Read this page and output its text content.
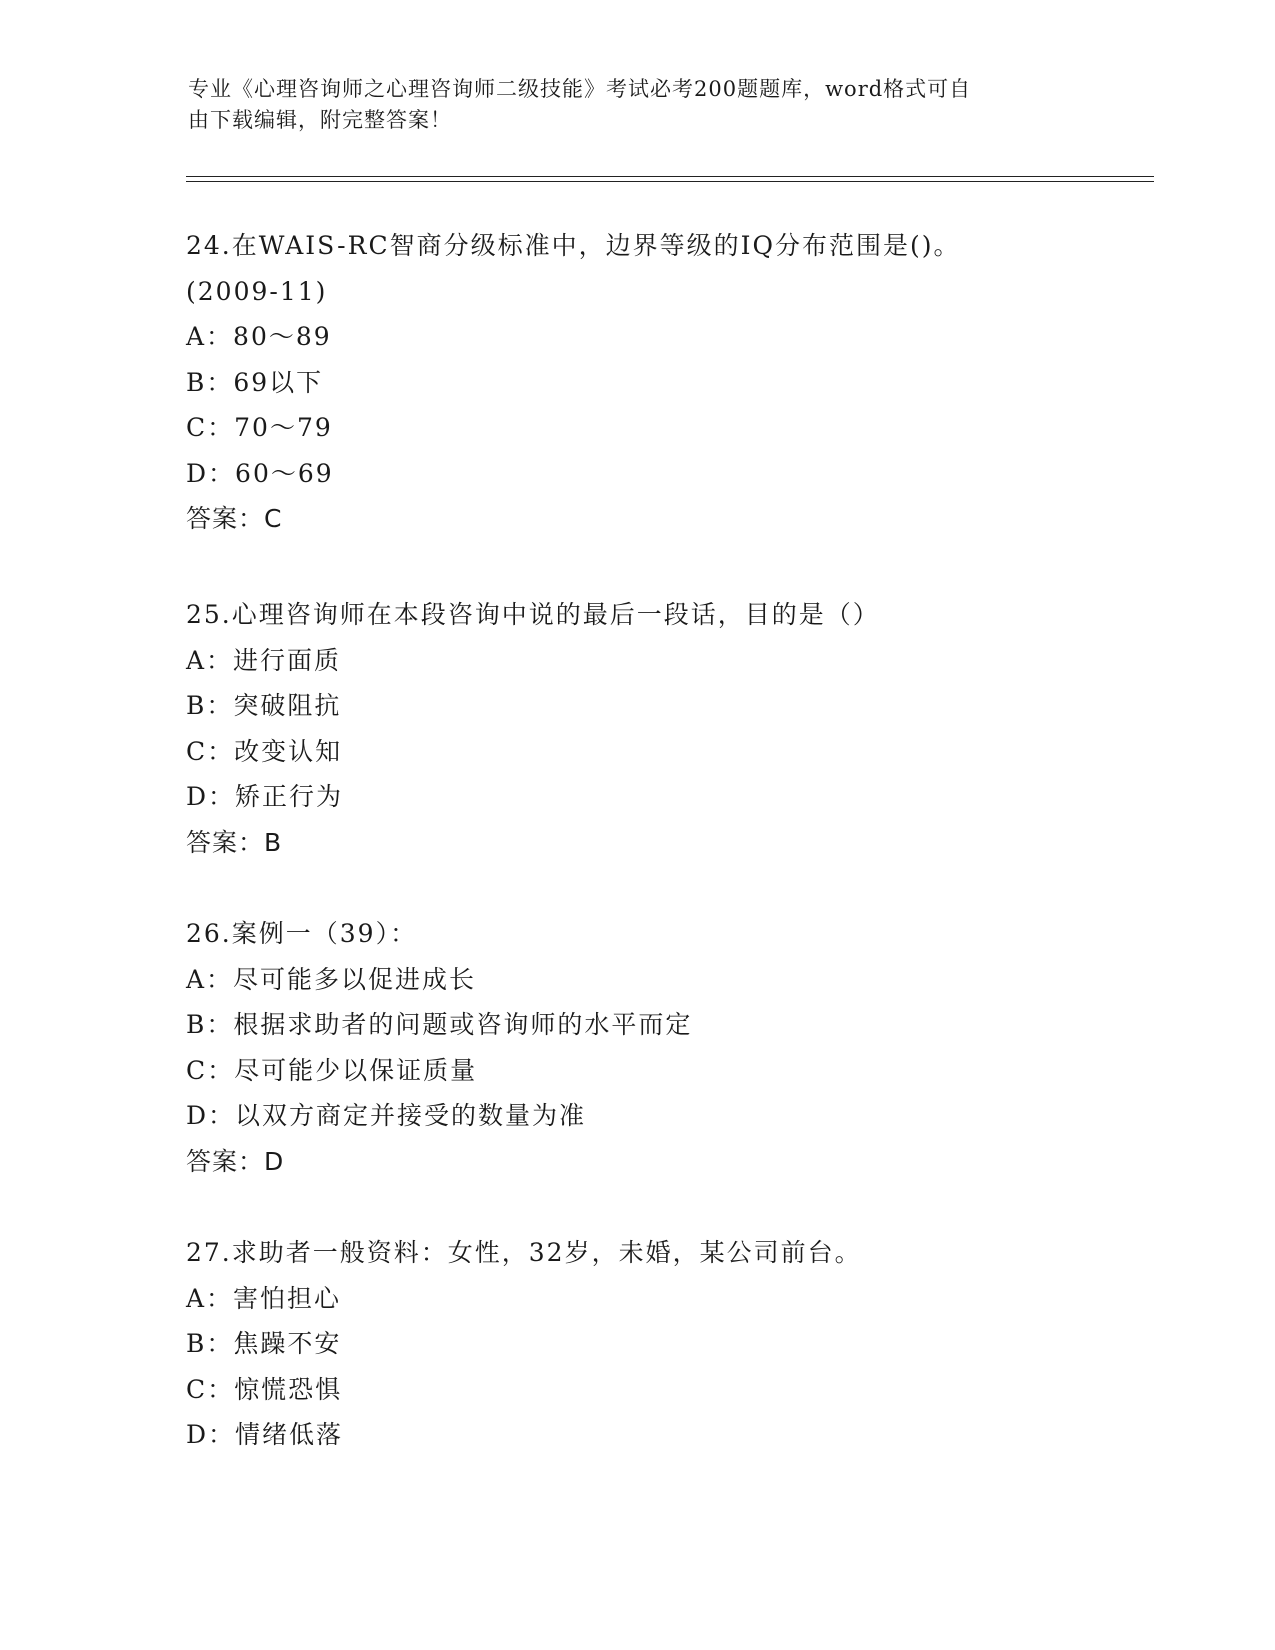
专业《心理咨询师之心理咨询师二级技能》考试必考200题题库，word格式可自
由下载编辑，附完整答案！
24.在WAIS-RC智商分级标准中，边界等级的IQ分布范围是()。
(2009-11)
A：80～89
B：69以下
C：70～79
D：60～69
答案：C
25.心理咨询师在本段咨询中说的最后一段话，目的是（）
A：进行面质
B：突破阻抗
C：改变认知
D：矫正行为
答案：B
26.案例一（39）：
A：尽可能多以促进成长
B：根据求助者的问题或咨询师的水平而定
C：尽可能少以保证质量
D：以双方商定并接受的数量为准
答案：D
27.求助者一般资料：女性，32岁，未婚，某公司前台。
A：害怕担心
B：焦躁不安
C：惊慌恐惧
D：情绪低落
